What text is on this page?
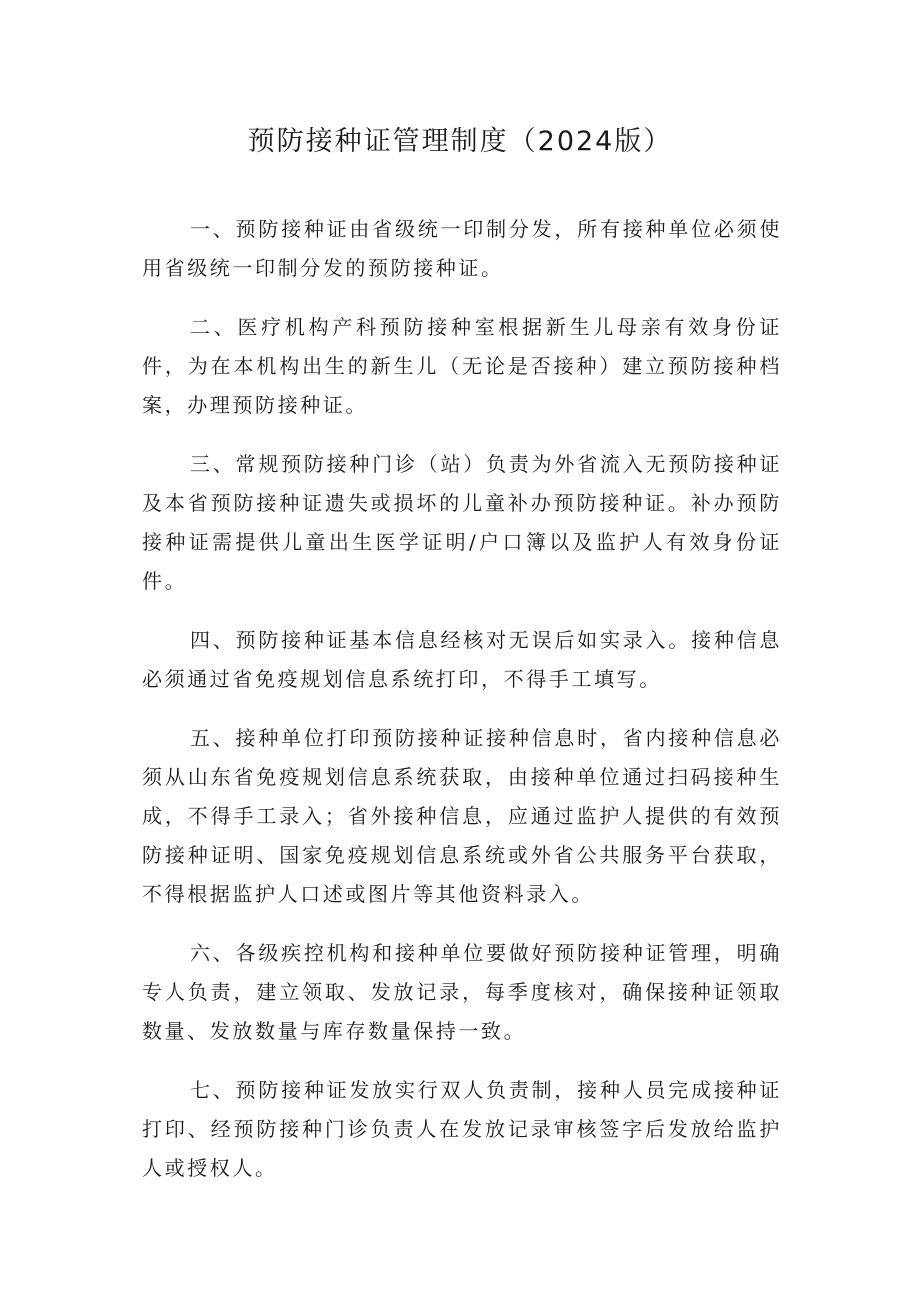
预防接种证管理制度（2024版）

一、预防接种证由省级统一印制分发，所有接种单位必须使用省级统一印制分发的预防接种证。

二、医疗机构产科预防接种室根据新生儿母亲有效身份证件，为在本机构出生的新生儿（无论是否接种）建立预防接种档案，办理预防接种证。

三、常规预防接种门诊（站）负责为外省流入无预防接种证及本省预防接种证遗失或损坏的儿童补办预防接种证。补办预防接种证需提供儿童出生医学证明/户口簿以及监护人有效身份证件。

四、预防接种证基本信息经核对无误后如实录入。接种信息必须通过省免疫规划信息系统打印，不得手工填写。

五、接种单位打印预防接种证接种信息时，省内接种信息必须从山东省免疫规划信息系统获取，由接种单位通过扫码接种生成，不得手工录入；省外接种信息，应通过监护人提供的有效预防接种证明、国家免疫规划信息系统或外省公共服务平台获取，不得根据监护人口述或图片等其他资料录入。

六、各级疾控机构和接种单位要做好预防接种证管理，明确专人负责，建立领取、发放记录，每季度核对，确保接种证领取数量、发放数量与库存数量保持一致。

七、预防接种证发放实行双人负责制，接种人员完成接种证打印、经预防接种门诊负责人在发放记录审核签字后发放给监护人或授权人。
